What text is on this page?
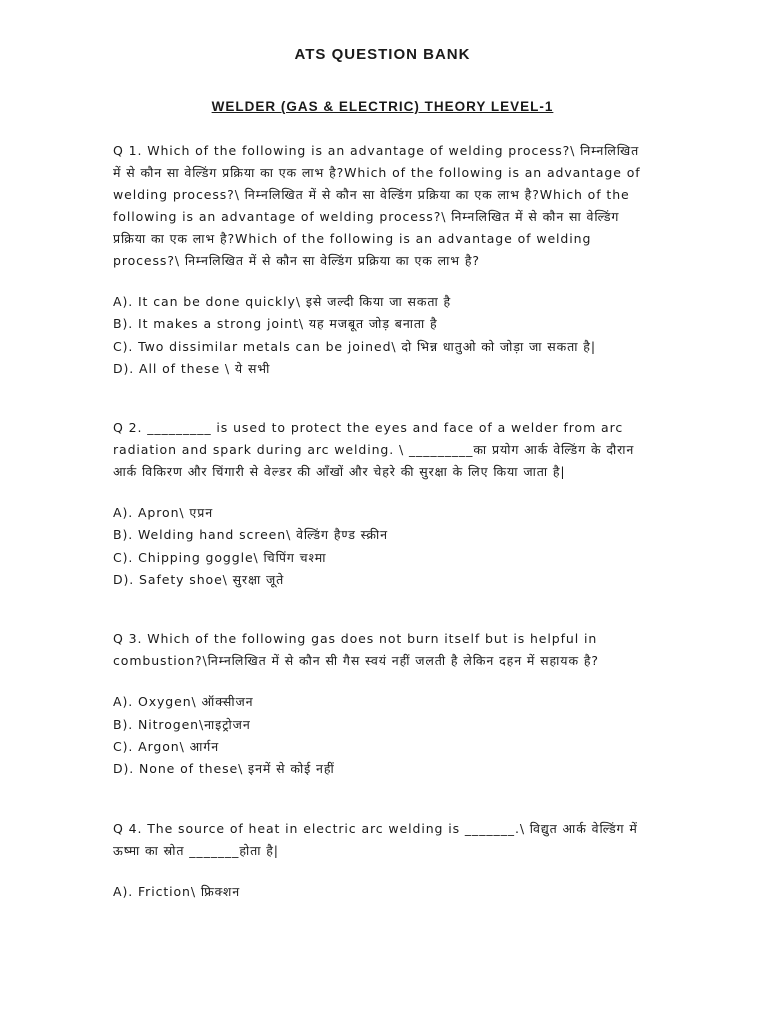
ATS QUESTION BANK
WELDER (GAS & ELECTRIC) THEORY LEVEL-1

Q 1. Which of the following is an advantage of welding process?\ निम्नलिखित में से कौन सा वेल्डिंग प्रक्रिया का एक लाभ है?Which of the following is an advantage of welding process?\ निम्नलिखित में से कौन सा वेल्डिंग प्रक्रिया का एक लाभ है?Which of the following is an advantage of welding process?\ निम्नलिखित में से कौन सा वेल्डिंग प्रक्रिया का एक लाभ है?Which of the following is an advantage of welding process?\ निम्नलिखित में से कौन सा वेल्डिंग प्रक्रिया का एक लाभ है?

A). It can be done quickly\ इसे जल्दी किया जा सकता है
B). It makes a strong joint\ यह मजबूत जोड़ बनाता है
C). Two dissimilar metals can be joined\ दो भिन्न धातुओ को जोड़ा जा सकता है|
D). All of these \ ये सभी

Q 2. _________ is used to protect the eyes and face of a welder from arc radiation and spark during arc welding. \ _________का प्रयोग आर्क वेल्डिंग के दौरान आर्क विकिरण और चिंगारी से वेल्डर की आँखों और चेहरे की सुरक्षा के लिए किया जाता है|

A). Apron\ एप्रन
B). Welding hand screen\ वेल्डिंग हैण्ड स्क्रीन
C). Chipping goggle\ चिपिंग चश्मा
D). Safety shoe\ सुरक्षा जूते

Q 3. Which of the following gas does not burn itself but is helpful in combustion?\निम्नलिखित में से कौन सी गैस स्वयं नहीं जलती है लेकिन दहन में सहायक है?

A). Oxygen\ ऑक्सीजन
B). Nitrogen\नाइट्रोजन
C). Argon\ आर्गन
D). None of these\ इनमें से कोई नहीं

Q 4. The source of heat in electric arc welding is _______.\ विद्युत आर्क वेल्डिंग में ऊष्मा का स्रोत _______होता है|

A). Friction\ फ्रिक्शन
